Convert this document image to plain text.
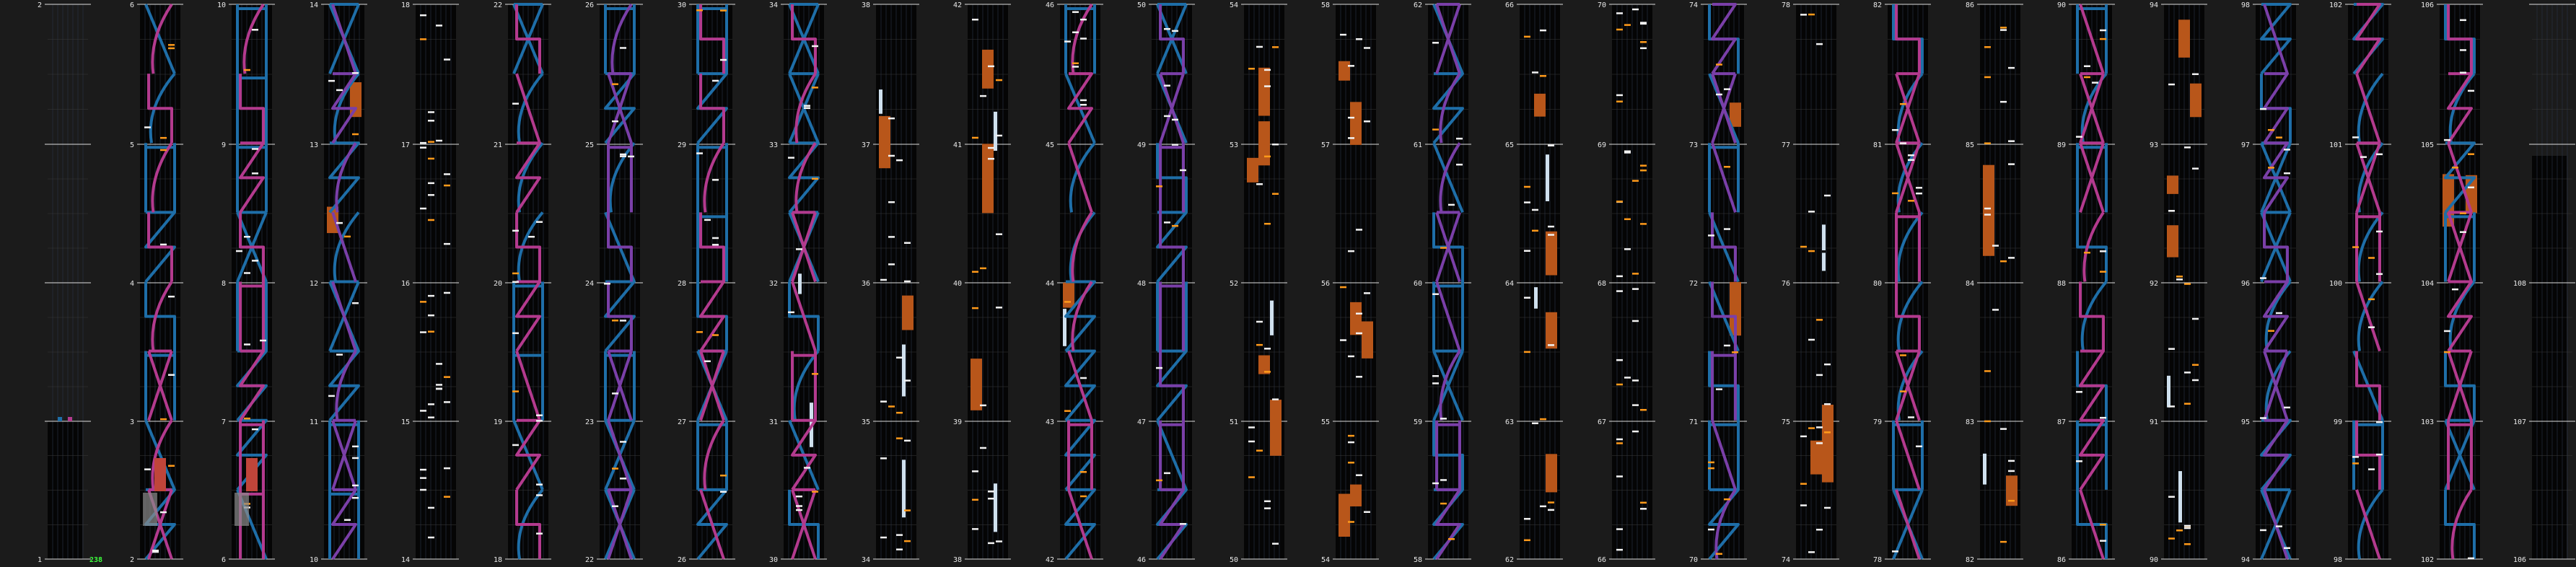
2
1
6
5
4
3
2
10
9
8
7
6
14
13
12
11
10
18
17
16
15
14
22
21
20
19
18
26
25
24
23
22
30
29
28
27
26
34
33
32
31
30
38
37
36
35
34
42
41
40
39
38
46
45
44
43
42
50
49
48
47
46
54
53
52
51
50
58
57
56
55
54
62
61
60
59
58
66
65
64
63
62
70
69
68
67
66
74
73
72
71
70
78
77
76
75
74
82
81
80
79
78
86
85
84
83
82
90
89
88
87
86
94
93
92
91
90
98
97
96
95
94
102
101
100
99
98
106
105
104
103
102
108
107
106
238
